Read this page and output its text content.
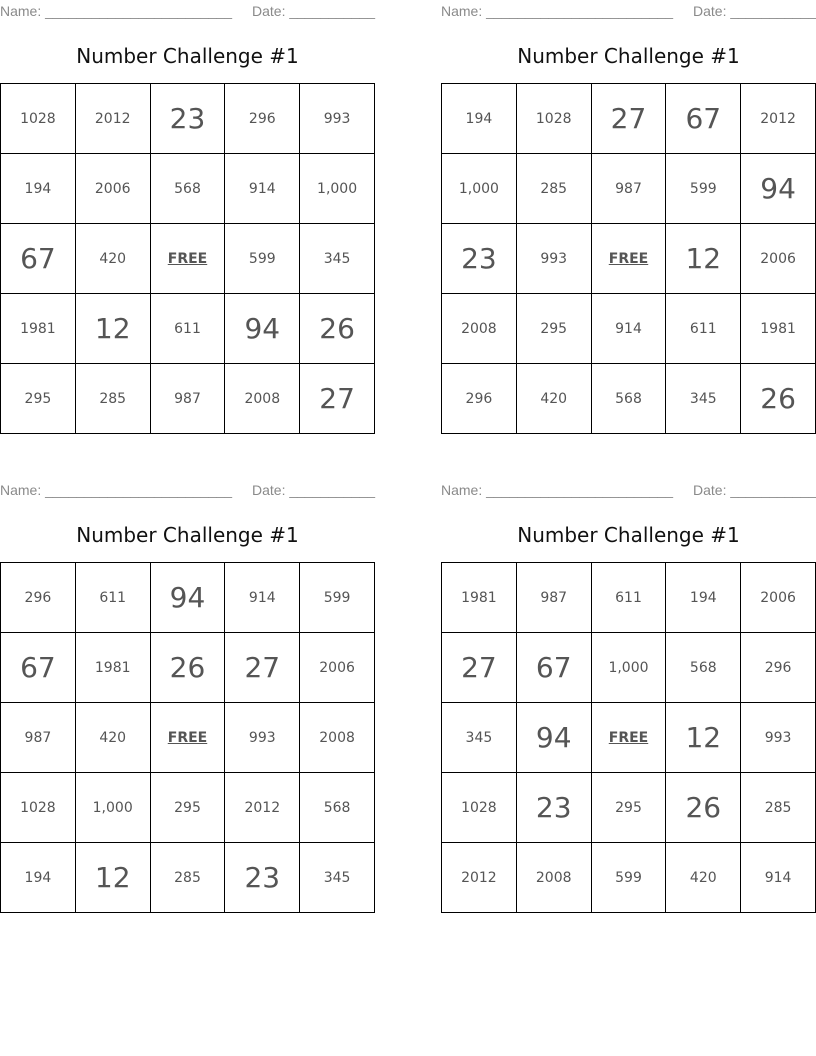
Name: ________________________ Date: ___________
Number Challenge #1
1028	2012	23	296	993
194	2006	568	914	1,000
67	420	FREE	599	345
1981	12	611	94	26
295	285	987	2008	27
Name: ________________________ Date: ___________
Number Challenge #1
194	1028	27	67	2012
1,000	285	987	599	94
23	993	FREE	12	2006
2008	295	914	611	1981
296	420	568	345	26
Name: ________________________ Date: ___________
Number Challenge #1
296	611	94	914	599
67	1981	26	27	2006
987	420	FREE	993	2008
1028	1,000	295	2012	568
194	12	285	23	345
Name: ________________________ Date: ___________
Number Challenge #1
1981	987	611	194	2006
27	67	1,000	568	296
345	94	FREE	12	993
1028	23	295	26	285
2012	2008	599	420	914
